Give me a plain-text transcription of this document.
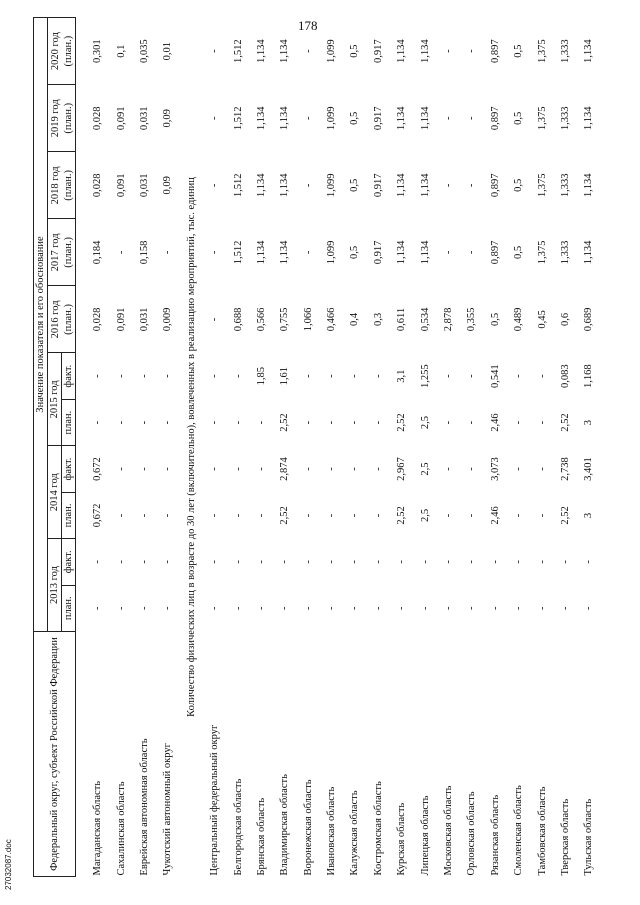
178
27032087.doc	Федеральный округ, субъект Российской Федерации	Значение показателя и его обоснование										
	2013 год		2014 год		2015 год		2016 год (план.)	2017 год (план.)	2018 год (план.)	2019 год (план.)	2020 год (план.)
	план.	факт.	план.	факт.	план.	факт.					

Магаданская область	-	-	0,672	0,672	-	-	0,028	0,184	0,028	0,028	0,301
Сахалинская область	-	-	-	-	-	-	0,091	-	0,091	0,091	0,1
Еврейская автономная область	-	-	-	-	-	-	0,031	0,158	0,031	0,031	0,035
Чукотский автономный округ	-	-	-	-	-	-	0,009	-	0,09	0,09	0,01
Количество физических лиц в возрасте до 30 лет (включительно), вовлеченных в реализацию мероприятий, тыс. единиц											
Центральный федеральный округ	-	-	-	-	-	-	-	-	-	-	-
Белгородская область	-	-	-	-	-	-	0,688	1,512	1,512	1,512	1,512
Брянская область	-	-	-	-	-	1,85	0,566	1,134	1,134	1,134	1,134
Владимирская область	-	-	2,52	2,874	2,52	1,61	0,755	1,134	1,134	1,134	1,134
Воронежская область	-	-	-	-	-	-	1,066	-	-	-	-
Ивановская область	-	-	-	-	-	-	0,466	1,099	1,099	1,099	1,099
Калужская область	-	-	-	-	-	-	0,4	0,5	0,5	0,5	0,5
Костромская область	-	-	-	-	-	-	0,3	0,917	0,917	0,917	0,917
Курская область	-	-	2,52	2,967	2,52	3,1	0,611	1,134	1,134	1,134	1,134
Липецкая область	-	-	2,5	2,5	2,5	1,255	0,534	1,134	1,134	1,134	1,134
Московская область	-	-	-	-	-	-	2,878	-	-	-	-
Орловская область	-	-	-	-	-	-	0,355	-	-	-	-
Рязанская область	-	-	2,46	3,073	2,46	0,541	0,5	0,897	0,897	0,897	0,897
Смоленская область	-	-	-	-	-	-	0,489	0,5	0,5	0,5	0,5
Тамбовская область	-	-	-	-	-	-	0,45	1,375	1,375	1,375	1,375
Тверская область	-	-	2,52	2,738	2,52	0,083	0,6	1,333	1,333	1,333	1,333
Тульская область	-	-	3	3,401	3	1,168	0,689	1,134	1,134	1,134	1,134
